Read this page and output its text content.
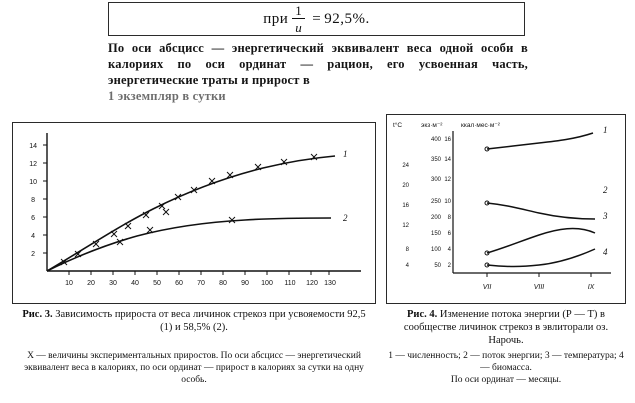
при $\frac{1}{u} = 92,5\%$.
По оси абсцисс — энергетический эквивалент веса одной особи в калориях по оси ординат — рацион, его усвоенная часть, энергетические траты и прирост в
1 экземпляр в сутки
2
4
6
8
10
12
14
10 20 30 40 50 60 70 80 90 100 110 120 130
1
2
t°C	экз·м⁻²	ккал·мес·м⁻²
4
8
12
16
20
24
50
100
150
200
250
300
350
400
2
4
6
8
10
12
14
16
VII	VIII	IX
1
2
3
4
Рис. 3. Зависимость прироста от веса личинок стрекоз при усвояемости 92,5 (1) и 58,5% (2).
Рис. 4. Изменение потока энергии (Р — Т) в сообществе личинок стрекоз в эвлиторали оз. Нарочь.
X — величины экспериментальных приростов. По оси абсцисс — энергетический эквивалент веса в калориях, по оси ординат — прирост в калориях за сутки на одну особь.
1 — численность; 2 — поток энергии; 3 — температура; 4 — биомасса.
По оси ординат — месяцы.
